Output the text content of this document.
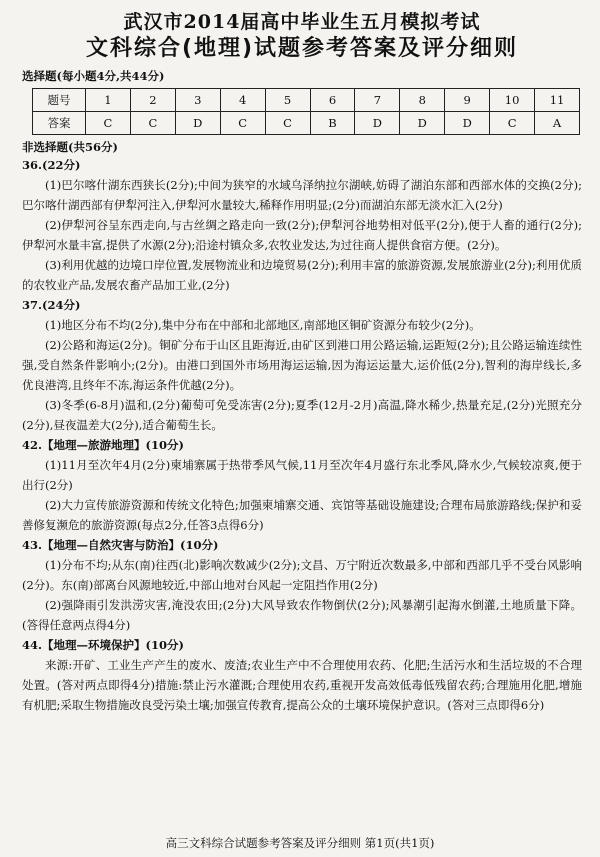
武汉市2014届高中毕业生五月模拟考试
文科综合(地理)试题参考答案及评分细则
选择题(每小题4分,共44分)
题号	1	2	3	4	5	6	7	8	9	10	11
答案	C	C	D	C	C	B	D	D	D	C	A
非选择题(共56分)
36.(22分)

(1)巴尔喀什湖东西狭长(2分);中间为狭窄的水域乌泽纳拉尔湖峡,妨碍了湖泊东部和西部水体的交换(2分);巴尔喀什湖西部有伊犁河注入,伊犁河水量较大,稀释作用明显;(2分)而湖泊东部无淡水汇入(2分)

(2)伊犁河谷呈东西走向,与古丝绸之路走向一致(2分);伊犁河谷地势相对低平(2分),便于人畜的通行(2分);伊犁河水量丰富,提供了水源(2分);沿途村镇众多,农牧业发达,为过往商人提供食宿方便。(2分)。

(3)利用优越的边境口岸位置,发展物流业和边境贸易(2分);利用丰富的旅游资源,发展旅游业(2分);利用优质的农牧业产品,发展农畜产品加工业,(2分)

37.(24分)

(1)地区分布不均(2分),集中分布在中部和北部地区,南部地区铜矿资源分布较少(2分)。

(2)公路和海运(2分)。铜矿分布于山区且距海近,由矿区到港口用公路运输,运距短(2分);且公路运输连续性强,受自然条件影响小;(2分)。由港口到国外市场用海运运输,因为海运运量大,运价低(2分),智利的海岸线长,多优良港湾,且终年不冻,海运条件优越(2分)。

(3)冬季(6-8月)温和,(2分)葡萄可免受冻害(2分);夏季(12月-2月)高温,降水稀少,热量充足,(2分)光照充分(2分),昼夜温差大(2分),适合葡萄生长。

42.【地理—旅游地理】(10分)

(1)11月至次年4月(2分)柬埔寨属于热带季风气候,11月至次年4月盛行东北季风,降水少,气候较凉爽,便于出行(2分)

(2)大力宣传旅游资源和传统文化特色;加强柬埔寨交通、宾馆等基础设施建设;合理布局旅游路线;保护和妥善修复濒危的旅游资源(每点2分,任答3点得6分)

43.【地理—自然灾害与防治】(10分)

(1)分布不均;从东(南)往西(北)影响次数减少(2分);文昌、万宁附近次数最多,中部和西部几乎不受台风影响(2分)。东(南)部离台风源地较近,中部山地对台风起一定阻挡作用(2分)

(2)强降雨引发洪涝灾害,淹没农田;(2分)大风导致农作物倒伏(2分);风暴潮引起海水倒灌,土地质量下降。(答得任意两点得4分)

44.【地理—环境保护】(10分)

来源:开矿、工业生产产生的废水、废渣;农业生产中不合理使用农药、化肥;生活污水和生活垃圾的不合理处置。(答对两点即得4分)措施:禁止污水灌溉;合理使用农药,重视开发高效低毒低残留农药;合理施用化肥,增施有机肥;采取生物措施改良受污染土壤;加强宣传教育,提高公众的土壤环境保护意识。(答对三点即得6分)

高三文科综合试题参考答案及评分细则 第1页(共1页)
